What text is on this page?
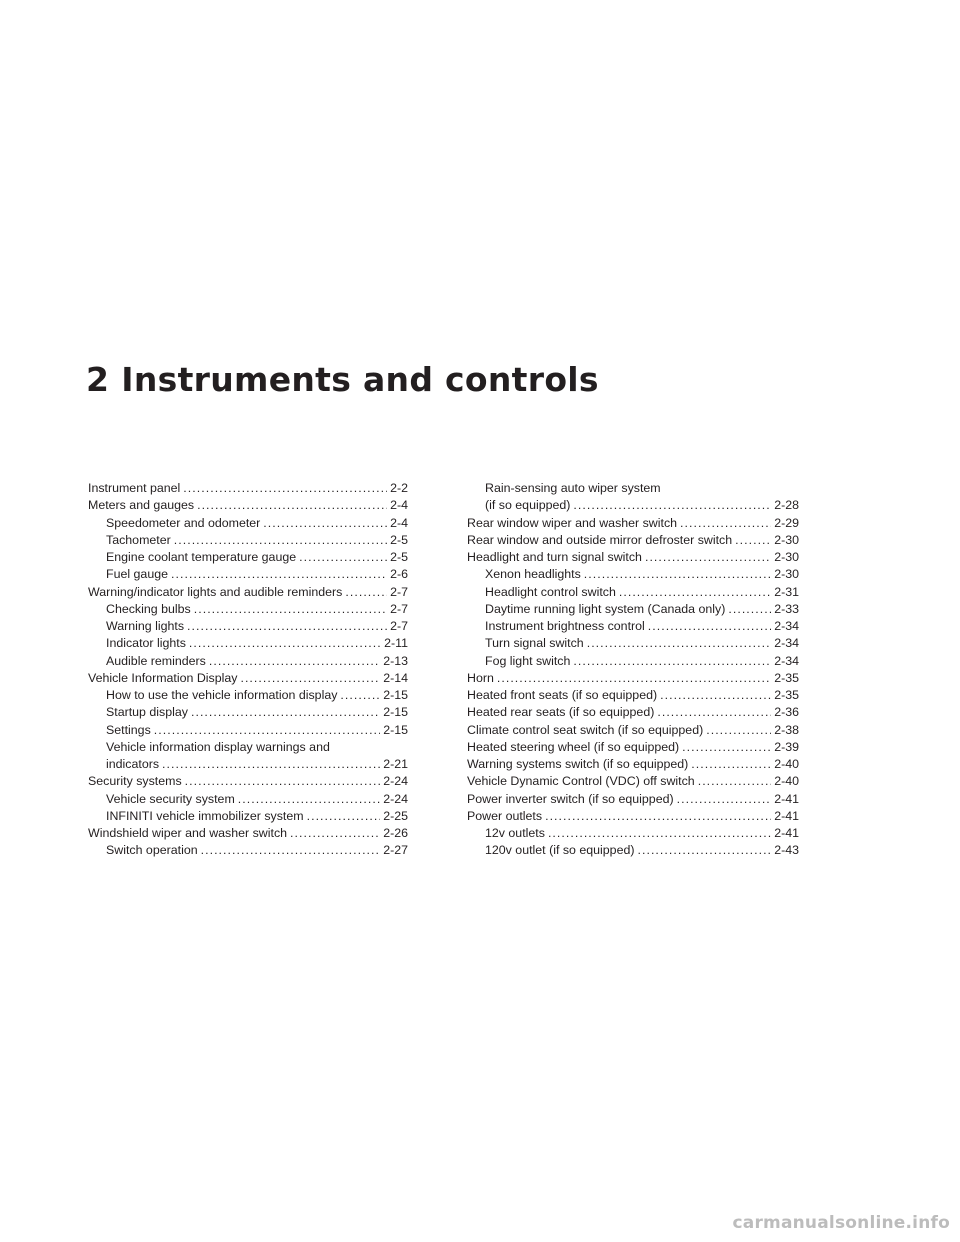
2 Instruments and controls
Instrument panel . . .	2-2
Meters and gauges . . .	2-4
Speedometer and odometer . . .	2-4
Tachometer . . .	2-5
Engine coolant temperature gauge . . .	2-5
Fuel gauge . . .	2-6
Warning/indicator lights and audible reminders . . .	2-7
Checking bulbs . . .	2-7
Warning lights . . .	2-7
Indicator lights . . .	2-11
Audible reminders . . .	2-13
Vehicle Information Display . . .	2-14
How to use the vehicle information display . . .	2-15
Startup display . . .	2-15
Settings . . .	2-15
Vehicle information display warnings and
indicators . . .	2-21
Security systems . . .	2-24
Vehicle security system . . .	2-24
INFINITI vehicle immobilizer system . . .	2-25
Windshield wiper and washer switch . . .	2-26
Switch operation . . .	2-27
Rain-sensing auto wiper system
(if so equipped) . . .	2-28
Rear window wiper and washer switch . . .	2-29
Rear window and outside mirror defroster switch . . .	2-30
Headlight and turn signal switch . . .	2-30
Xenon headlights . . .	2-30
Headlight control switch . . .	2-31
Daytime running light system (Canada only) . . .	2-33
Instrument brightness control . . .	2-34
Turn signal switch . . .	2-34
Fog light switch . . .	2-34
Horn . . .	2-35
Heated front seats (if so equipped) . . .	2-35
Heated rear seats (if so equipped) . . .	2-36
Climate control seat switch (if so equipped) . . .	2-38
Heated steering wheel (if so equipped) . . .	2-39
Warning systems switch (if so equipped) . . .	2-40
Vehicle Dynamic Control (VDC) off switch . . .	2-40
Power inverter switch (if so equipped) . . .	2-41
Power outlets . . .	2-41
12v outlets . . .	2-41
120v outlet (if so equipped) . . .	2-43
carmanualsonline.info
